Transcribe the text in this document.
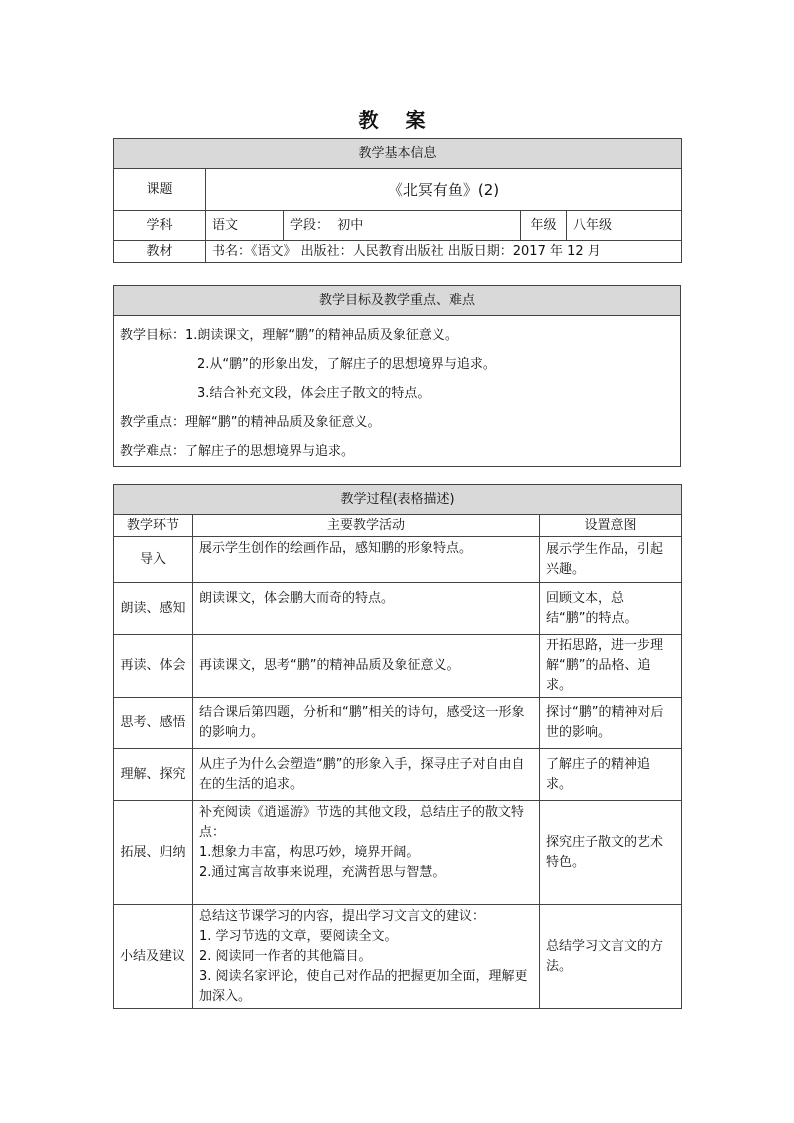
教 案
教学基本信息				
课题	《北冥有鱼》(2)			
学科	语文	学段： 初中	年级	八年级
教材	书名：《语文》 出版社：人民教育出版社 出版日期：2017 年 12 月			
教学目标及教学重点、难点

教学目标：1.朗读课文，理解“鹏”的精神品质及象征意义。
2.从“鹏”的形象出发，了解庄子的思想境界与追求。
3.结合补充文段，体会庄子散文的特点。
教学重点：理解“鹏”的精神品质及象征意义。
教学难点：了解庄子的思想境界与追求。
教学过程(表格描述)		
教学环节	主要教学活动	设置意图
导入	展示学生创作的绘画作品，感知鹏的形象特点。	展示学生作品，引起兴趣。
朗读、感知	朗读课文，体会鹏大而奇的特点。	回顾文本，总结“鹏”的特点。
再读、体会	再读课文，思考“鹏”的精神品质及象征意义。	开拓思路，进一步理解“鹏”的品格、追求。
思考、感悟	结合课后第四题，分析和“鹏”相关的诗句，感受这一形象的影响力。	探讨“鹏”的精神对后世的影响。
理解、探究	从庄子为什么会塑造“鹏”的形象入手，探寻庄子对自由自在的生活的追求。	了解庄子的精神追求。
拓展、归纳	补充阅读《逍遥游》节选的其他文段，总结庄子的散文特点：
1.想象力丰富，构思巧妙，境界开阔。
2.通过寓言故事来说理，充满哲思与智慧。	探究庄子散文的艺术特色。
小结及建议	总结这节课学习的内容，提出学习文言文的建议：
1. 学习节选的文章，要阅读全文。
2. 阅读同一作者的其他篇目。
3. 阅读名家评论，使自己对作品的把握更加全面，理解更加深入。	总结学习文言文的方法。
